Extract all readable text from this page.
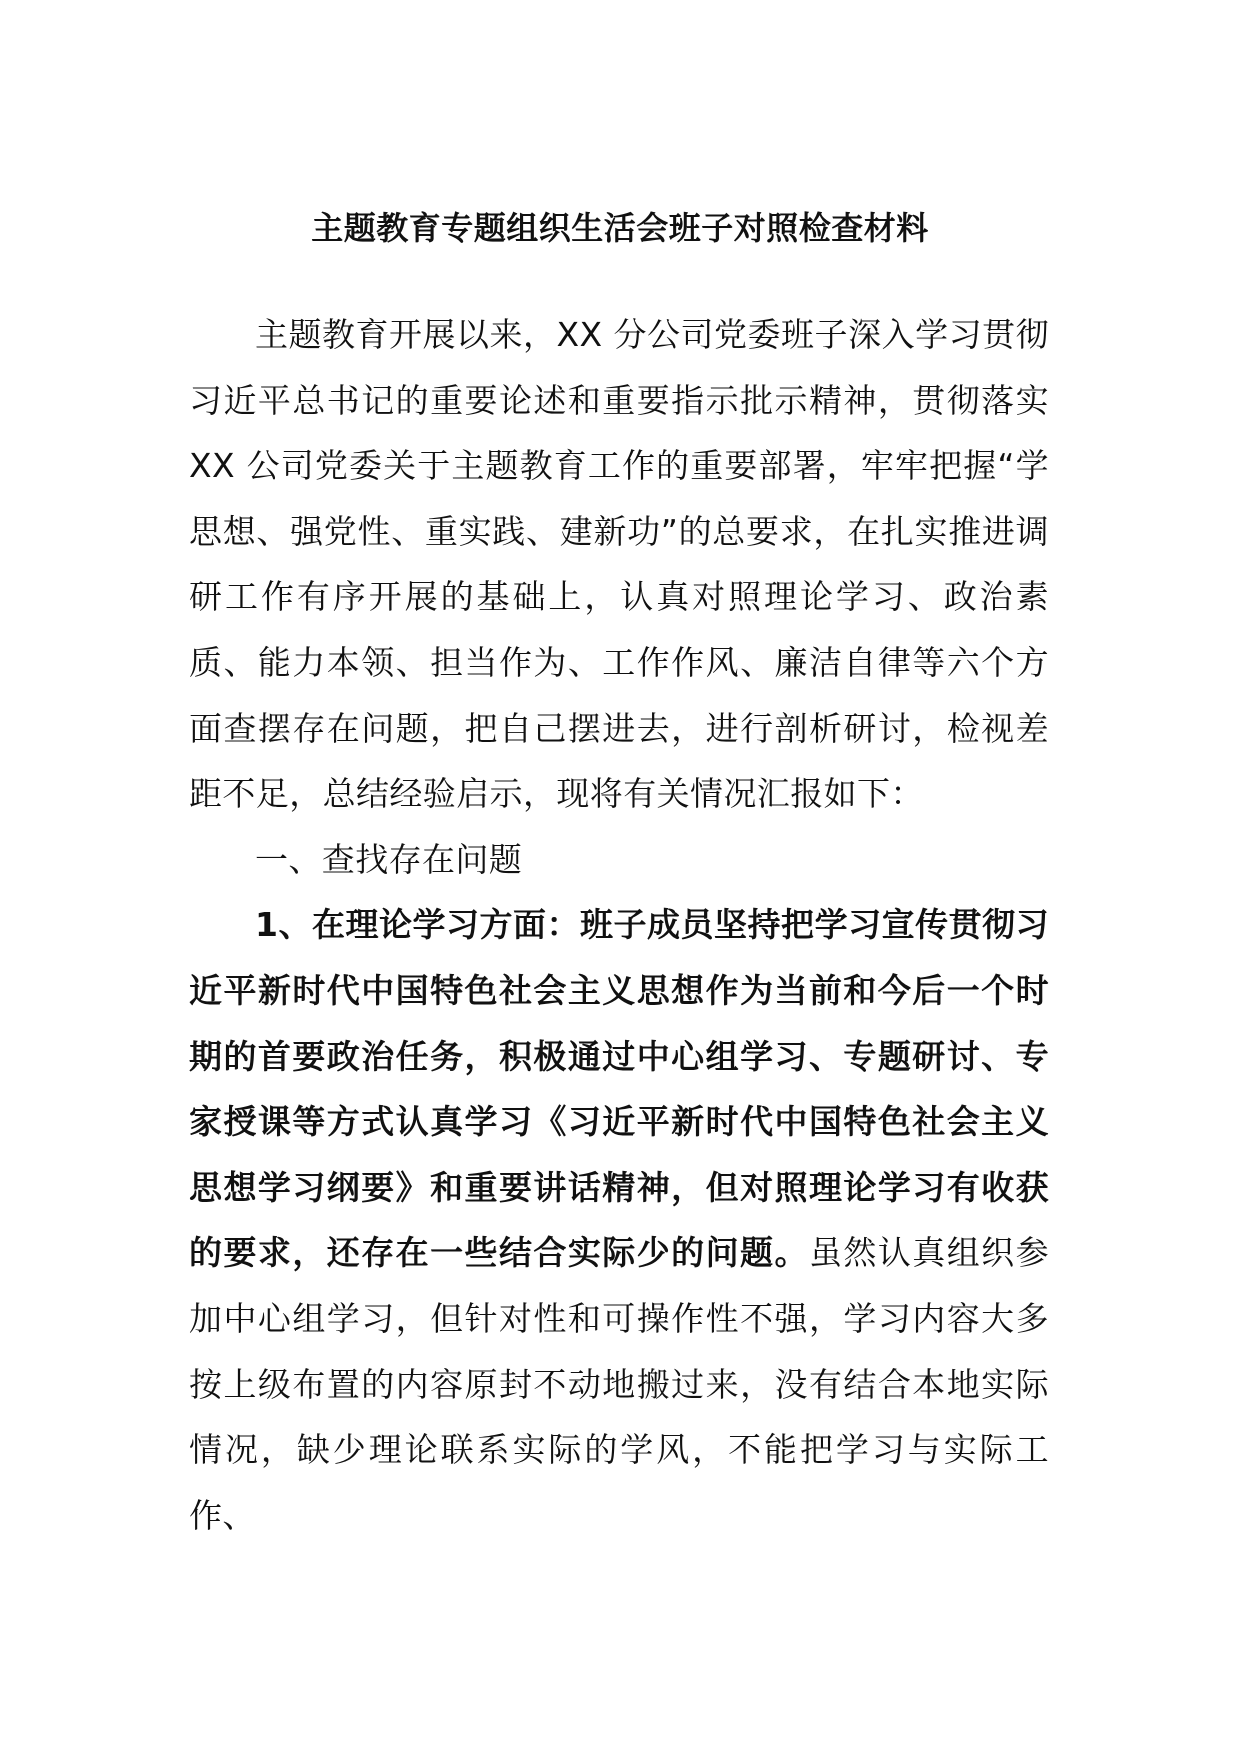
主题教育专题组织生活会班子对照检查材料

主题教育开展以来，XX 分公司党委班子深入学习贯彻习近平总书记的重要论述和重要指示批示精神，贯彻落实XX 公司党委关于主题教育工作的重要部署，牢牢把握“学思想、强党性、重实践、建新功”的总要求，在扎实推进调研工作有序开展的基础上，认真对照理论学习、政治素质、能力本领、担当作为、工作作风、廉洁自律等六个方面查摆存在问题，把自己摆进去，进行剖析研讨，检视差距不足，总结经验启示，现将有关情况汇报如下：

一、查找存在问题

1、在理论学习方面：班子成员坚持把学习宣传贯彻习近平新时代中国特色社会主义思想作为当前和今后一个时期的首要政治任务，积极通过中心组学习、专题研讨、专家授课等方式认真学习《习近平新时代中国特色社会主义思想学习纲要》和重要讲话精神，但对照理论学习有收获的要求，还存在一些结合实际少的问题。虽然认真组织参加中心组学习，但针对性和可操作性不强，学习内容大多按上级布置的内容原封不动地搬过来，没有结合本地实际情况，缺少理论联系实际的学风，不能把学习与实际工作、
